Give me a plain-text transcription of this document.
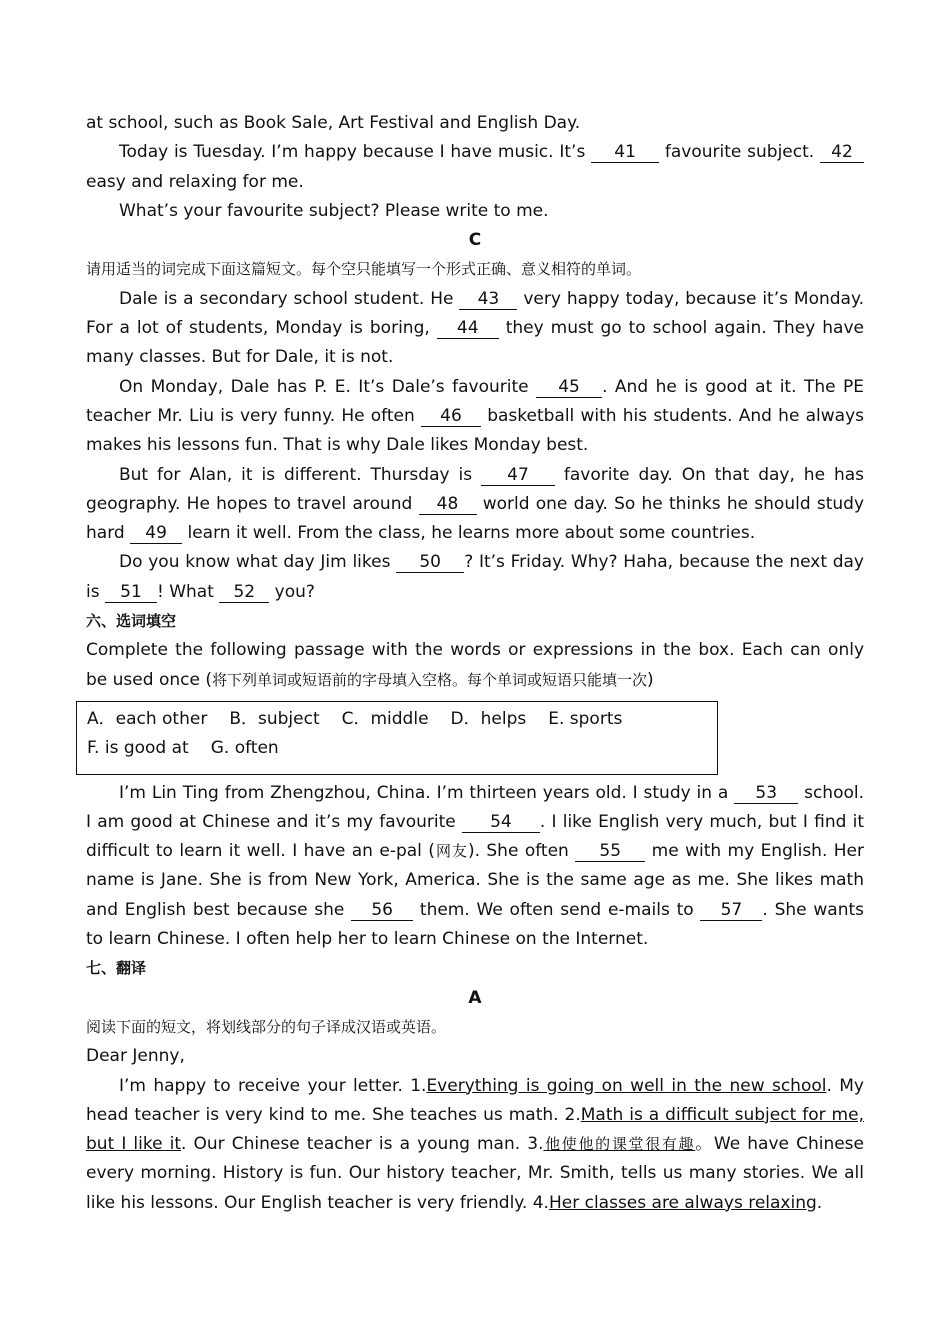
at school, such as Book Sale, Art Festival and English Day.

Today is Tuesday. I’m happy because I have music. It’s 41 favourite subject. 42 easy and relaxing for me.

What’s your favourite subject? Please write to me.

C

请用适当的词完成下面这篇短文。每个空只能填写一个形式正确、意义相符的单词。

Dale is a secondary school student. He 43 very happy today, because it’s Monday. For a lot of students, Monday is boring, 44 they must go to school again. They have many classes. But for Dale, it is not.

On Monday, Dale has P. E. It’s Dale’s favourite 45 . And he is good at it. The PE teacher Mr. Liu is very funny. He often 46 basketball with his students. And he always makes his lessons fun. That is why Dale likes Monday best.

But for Alan, it is different. Thursday is 47 favorite day. On that day, he has geography. He hopes to travel around 48 world one day. So he thinks he should study hard 49 learn it well. From the class, he learns more about some countries.

Do you know what day Jim likes 50 ? It’s Friday. Why? Haha, because the next day is 51 ! What 52 you?

六、选词填空

Complete the following passage with the words or expressions in the box. Each can only be used once (将下列单词或短语前的字母填入空格。每个单词或短语只能填一次)

A．each other B．subject C．middle D．helps E. sportsF. is good at G. often

I’m Lin Ting from Zhengzhou, China. I’m thirteen years old. I study in a 53 school. I am good at Chinese and it’s my favourite 54 . I like English very much, but I find it difficult to learn it well. I have an e-pal (网友). She often 55 me with my English. Her name is Jane. She is from New York, America. She is the same age as me. She likes math and English best because she 56 them. We often send e-mails to 57 . She wants to learn Chinese. I often help her to learn Chinese on the Internet.

七、翻译

A

阅读下面的短文，将划线部分的句子译成汉语或英语。

Dear Jenny,

I’m happy to receive your letter. 1.Everything is going on well in the new school. My head teacher is very kind to me. She teaches us math. 2.Math is a difficult subject for me, but I like it. Our Chinese teacher is a young man. 3.他使他的课堂很有趣。We have Chinese every morning. History is fun. Our history teacher, Mr. Smith, tells us many stories. We all like his lessons. Our English teacher is very friendly. 4.Her classes are always relaxing.
